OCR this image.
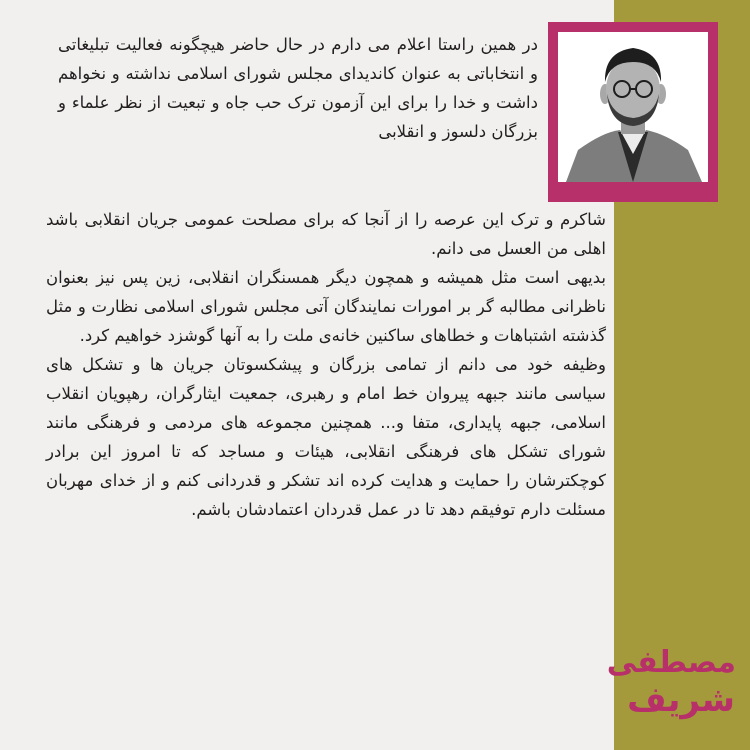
در همین راستا اعلام می دارم در حال حاضر هیچگونه فعالیت تبلیغاتی و انتخاباتی به عنوان کاندیدای مجلس شورای اسلامی نداشته و نخواهم داشت و خدا را برای این آزمون ترک حب جاه و تبعیت از نظر علماء و بزرگان دلسوز و انقلابی

شاکرم و ترک این عرصه را از آنجا که برای مصلحت عمومی جریان انقلابی باشد اهلی من العسل می دانم.
بدیهی است مثل همیشه و همچون دیگر همسنگران انقلابی، زین پس نیز بعنوان ناظرانی مطالبه گر بر امورات نمایندگان آتی مجلس شورای اسلامی نظارت و مثل گذشته اشتباهات و خطاهای ساکنین خانه‌ی ملت را به آنها گوشزد خواهیم کرد.
وظیفه خود می دانم از تمامی بزرگان و پیشکسوتان جریان ها و تشکل های سیاسی مانند جبهه پیروان خط امام و رهبری، جمعیت ایثارگران، رهپویان انقلاب اسلامی، جبهه پایداری، متفا و... همچنین مجموعه های مردمی و فرهنگی مانند شورای تشکل های فرهنگی انقلابی، هیئات و مساجد که تا امروز این برادر کوچکترشان را حمایت و هدایت کرده اند تشکر و قدردانی کنم و از خدای مهربان مسئلت دارم توفیقم دهد تا در عمل قدردان اعتمادشان باشم.
مصطفی
شریف
